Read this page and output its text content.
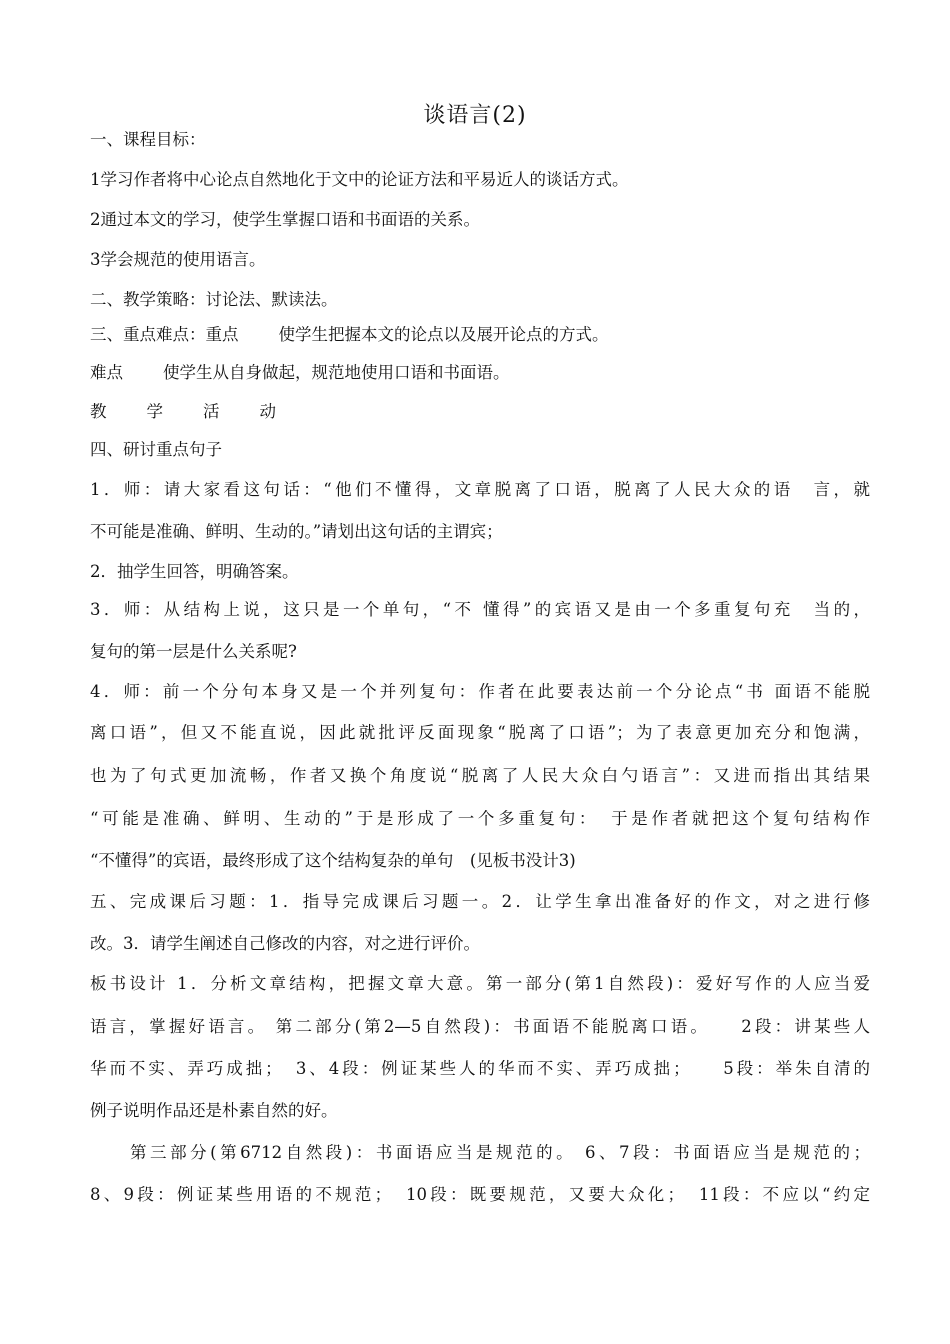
谈语言(2)
一、课程目标：
1学习作者将中心论点自然地化于文中的论证方法和平易近人的谈话方式。
2通过本文的学习，使学生掌握口语和书面语的关系。
3学会规范的使用语言。
二、教学策略：讨论法、默读法。
三、重点难点：重点 使学生把握本文的论点以及展开论点的方式。
难点 使学生从自身做起，规范地使用口语和书面语。
教 学 活 动
四、研讨重点句子
1．师：请大家看这句话：“他们不懂得，文章脱离了口语，脱离了人民大众的语　言，就
不可能是准确、鲜明、生动的。”请划出这句话的主谓宾；
2．抽学生回答，明确答案。
3．师：从结构上说，这只是一个单句，“不 懂得”的宾语又是由一个多重复句充　当的，
复句的第一层是什么关系呢?
4．师：前一个分句本身又是一个并列复句：作者在此要表达前一个分论点“书 面语不能脱
离口语”，但又不能直说，因此就批评反面现象“脱离了口语”；为了表意更加充分和饱满，
也为了句式更加流畅，作者又换个角度说“脱离了人民大众白勺语言”：又进而指出其结果
“可能是准确、鲜明、生动的”于是形成了一个多重复句：　于是作者就把这个复句结构作
“不懂得”的宾语，最终形成了这个结构复杂的单句　(见板书没计3)
五、完成课后习题：1．指导完成课后习题一。2．让学生拿出准备好的作文，对之进行修
改。3．请学生阐述自己修改的内容，对之进行评价。
板书设计 1．分析文章结构，把握文章大意。第一部分(第1自然段)：爱好写作的人应当爱
语言，掌握好语言。 第二部分(第2—5自然段)：书面语不能脱离口语。　　2段：讲某些人
华而不实、弄巧成拙；　3、4段：例证某些人的华而不实、弄巧成拙；　　5段：举朱自清的
例子说明作品还是朴素自然的好。
第三部分(第6712自然段)：书面语应当是规范的。 6、7段：书面语应当是规范的；
8、9段：例证某些用语的不规范；　10段：既要规范，又要大众化；　11段：不应以“约定
